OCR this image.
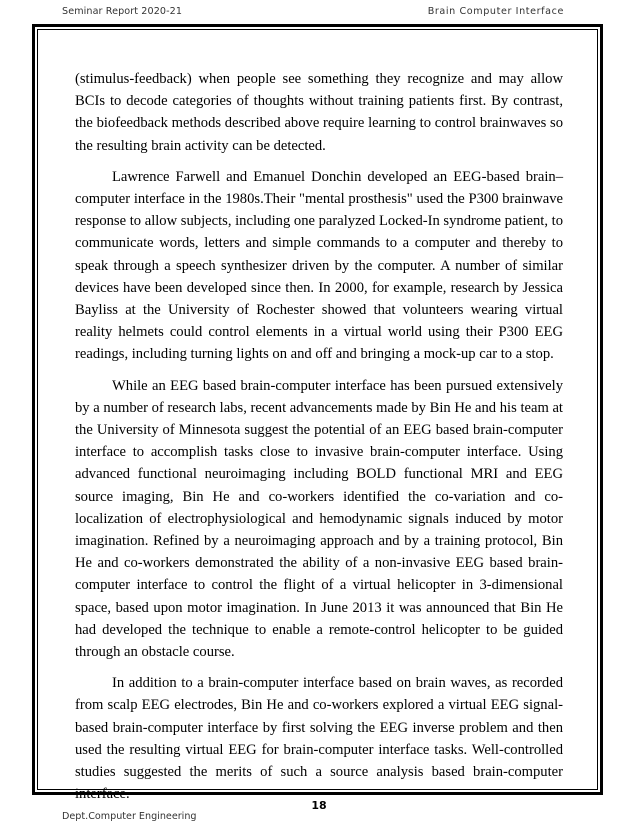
Seminar Report 2020-21	Brain Computer Interface

(stimulus-feedback) when people see something they recognize and may allow BCIs to decode categories of thoughts without training patients first. By contrast, the biofeedback methods described above require learning to control brainwaves so the resulting brain activity can be detected.

Lawrence Farwell and Emanuel Donchin developed an EEG-based brain–computer interface in the 1980s.Their "mental prosthesis" used the P300 brainwave response to allow subjects, including one paralyzed Locked-In syndrome patient, to communicate words, letters and simple commands to a computer and thereby to speak through a speech synthesizer driven by the computer. A number of similar devices have been developed since then. In 2000, for example, research by Jessica Bayliss at the University of Rochester showed that volunteers wearing virtual reality helmets could control elements in a virtual world using their P300 EEG readings, including turning lights on and off and bringing a mock-up car to a stop.

While an EEG based brain-computer interface has been pursued extensively by a number of research labs, recent advancements made by Bin He and his team at the University of Minnesota suggest the potential of an EEG based brain-computer interface to accomplish tasks close to invasive brain-computer interface. Using advanced functional neuroimaging including BOLD functional MRI and EEG source imaging, Bin He and co-workers identified the co-variation and co-localization of electrophysiological and hemodynamic signals induced by motor imagination. Refined by a neuroimaging approach and by a training protocol, Bin He and co-workers demonstrated the ability of a non-invasive EEG based brain-computer interface to control the flight of a virtual helicopter in 3-dimensional space, based upon motor imagination. In June 2013 it was announced that Bin He had developed the technique to enable a remote-control helicopter to be guided through an obstacle course.

In addition to a brain-computer interface based on brain waves, as recorded from scalp EEG electrodes, Bin He and co-workers explored a virtual EEG signal-based brain-computer interface by first solving the EEG inverse problem and then used the resulting virtual EEG for brain-computer interface tasks. Well-controlled studies suggested the merits of such a source analysis based brain-computer interface.

18
Dept.Computer Engineering
